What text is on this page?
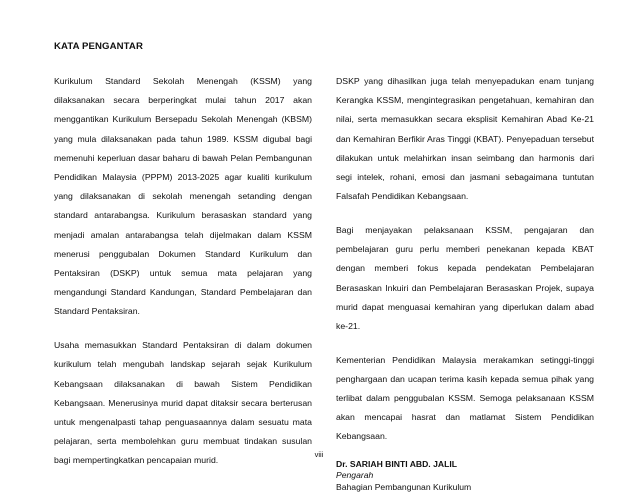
KATA PENGANTAR

Kurikulum Standard Sekolah Menengah (KSSM) yang dilaksanakan secara berperingkat mulai tahun 2017 akan menggantikan Kurikulum Bersepadu Sekolah Menengah (KBSM) yang mula dilaksanakan pada tahun 1989. KSSM digubal bagi memenuhi keperluan dasar baharu di bawah Pelan Pembangunan Pendidikan Malaysia (PPPM) 2013-2025 agar kualiti kurikulum yang dilaksanakan di sekolah menengah setanding dengan standard antarabangsa. Kurikulum berasaskan standard yang menjadi amalan antarabangsa telah dijelmakan dalam KSSM menerusi penggubalan Dokumen Standard Kurikulum dan Pentaksiran (DSKP) untuk semua mata pelajaran yang mengandungi Standard Kandungan, Standard Pembelajaran dan Standard Pentaksiran.

Usaha memasukkan Standard Pentaksiran di dalam dokumen kurikulum telah mengubah landskap sejarah sejak Kurikulum Kebangsaan dilaksanakan di bawah Sistem Pendidikan Kebangsaan. Menerusinya murid dapat ditaksir secara berterusan untuk mengenalpasti tahap penguasaannya dalam sesuatu mata pelajaran, serta membolehkan guru membuat tindakan susulan bagi mempertingkatkan pencapaian murid.

DSKP yang dihasilkan juga telah menyepadukan enam tunjang Kerangka KSSM, mengintegrasikan pengetahuan, kemahiran dan nilai, serta memasukkan secara eksplisit Kemahiran Abad Ke-21 dan Kemahiran Berfikir Aras Tinggi (KBAT). Penyepaduan tersebut dilakukan untuk melahirkan insan seimbang dan harmonis dari segi intelek, rohani, emosi dan jasmani sebagaimana tuntutan Falsafah Pendidikan Kebangsaan.

Bagi menjayakan pelaksanaan KSSM, pengajaran dan pembelajaran guru perlu memberi penekanan kepada KBAT dengan memberi fokus kepada pendekatan Pembelajaran Berasaskan Inkuiri dan Pembelajaran Berasaskan Projek, supaya murid dapat menguasai kemahiran yang diperlukan dalam abad ke-21.

Kementerian Pendidikan Malaysia merakamkan setinggi-tinggi penghargaan dan ucapan terima kasih kepada semua pihak yang terlibat dalam penggubalan KSSM. Semoga pelaksanaan KSSM akan mencapai hasrat dan matlamat Sistem Pendidikan Kebangsaan.

Dr. SARIAH BINTI ABD. JALIL
Pengarah
Bahagian Pembangunan Kurikulum
viii
